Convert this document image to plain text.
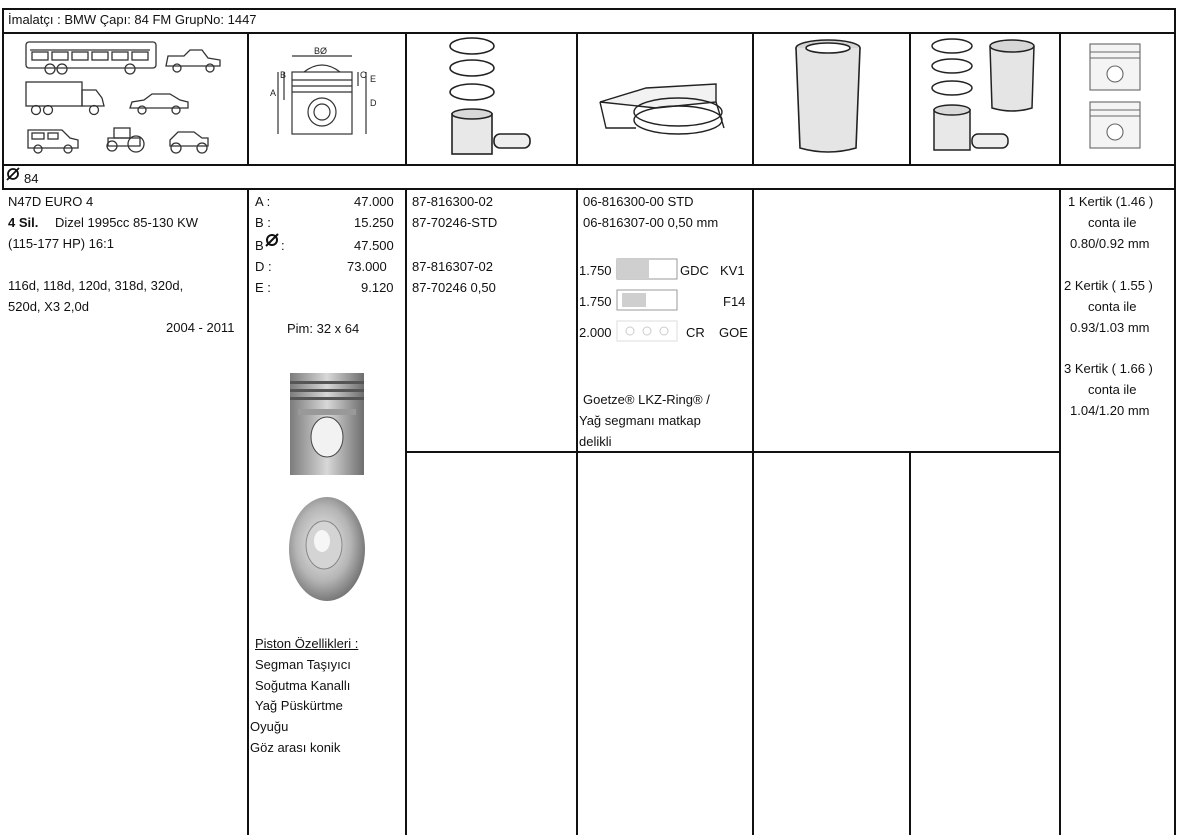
İmalatçı : BMW Çapı: 84 FM GrupNo: 1447
BØ
A
B	C E
D
84
N47D EURO 4
4 Sil. Dizel 1995cc 85-130 KW
(115-177 HP) 16:1
116d, 118d, 120d, 318d, 320d,
520d, X3 2,0d
2004 - 2011
A :	47.000
B :	15.250
B :	47.500
D :	73.000
E :	9.120
Pim: 32 x 64
Piston Özellikleri :
Segman Taşıyıcı
Soğutma Kanallı
Yağ Püskürtme
Oyuğu
Göz arası konik
87-816300-02
87-70246-STD
87-816307-02
87-70246 0,50
06-816300-00 STD
06-816307-00 0,50 mm
1.750	GDC KV1
1.750	F14
2.000	CR GOE
Goetze® LKZ-Ring® /
Yağ segmanı matkap
delikli
1 Kertik (1.46 )
conta ile
0.80/0.92 mm
2 Kertik ( 1.55 )
conta ile
0.93/1.03 mm
3 Kertik ( 1.66 )
conta ile
1.04/1.20 mm
